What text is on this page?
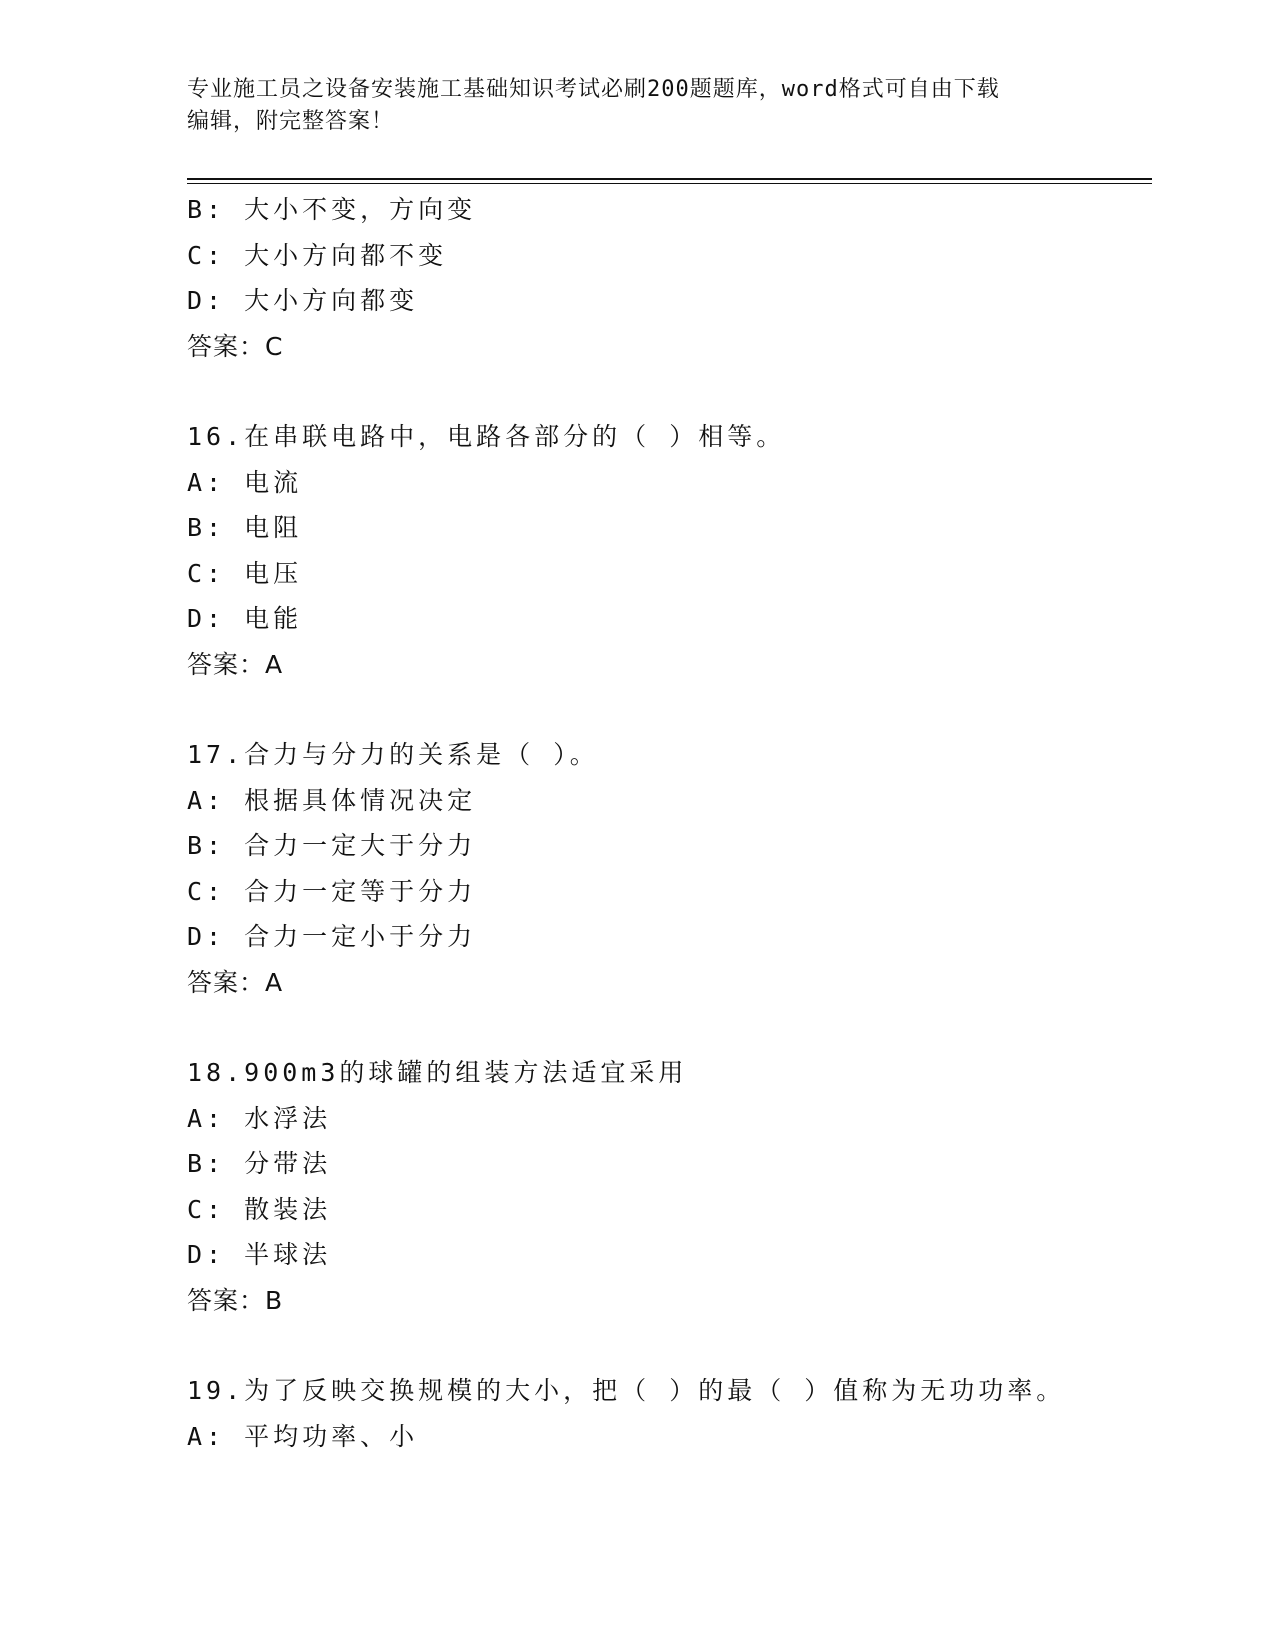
专业施工员之设备安装施工基础知识考试必刷200题题库，word格式可自由下载
编辑，附完整答案！
B: 大小不变，方向变
C: 大小方向都不变
D: 大小方向都变
答案：C
16.在串联电路中，电路各部分的（ ）相等。
A: 电流
B: 电阻
C: 电压
D: 电能
答案：A
17.合力与分力的关系是（ ）。
A: 根据具体情况决定
B: 合力一定大于分力
C: 合力一定等于分力
D: 合力一定小于分力
答案：A
18.900m3的球罐的组装方法适宜采用
A: 水浮法
B: 分带法
C: 散装法
D: 半球法
答案：B
19.为了反映交换规模的大小，把（ ）的最（ ）值称为无功功率。
A: 平均功率、小
